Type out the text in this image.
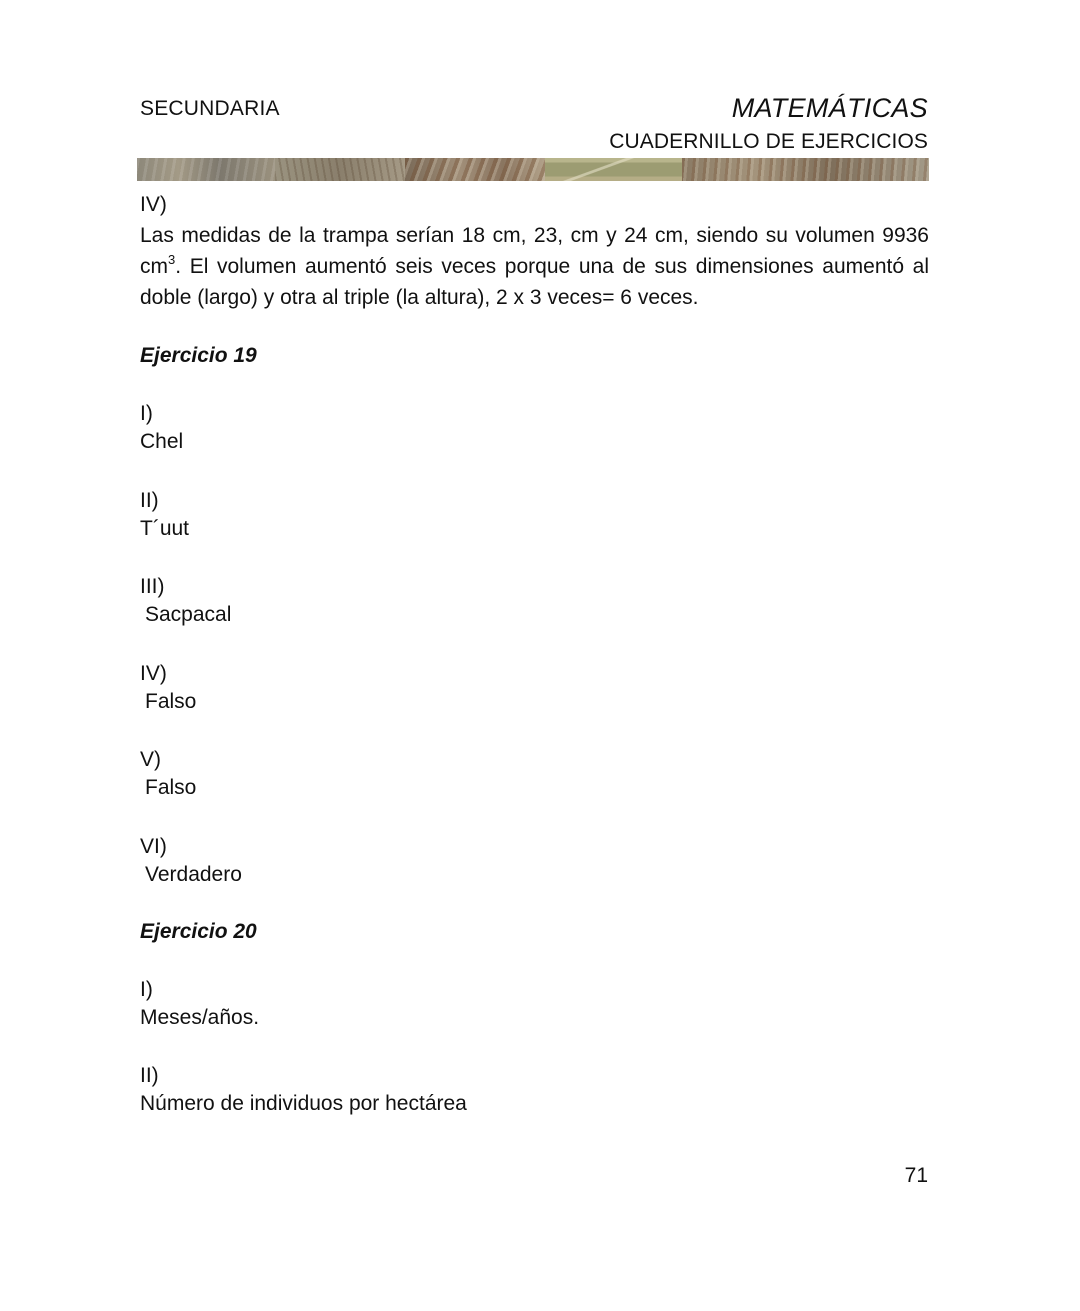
SECUNDARIA	MATEMÁTICAS
CUADERNILLO DE EJERCICIOS
IV)

Las medidas de la trampa serían 18 cm, 23, cm y 24 cm, siendo su volumen 9936 $cm^3$. El volumen aumentó seis veces porque una de sus dimensiones aumentó al doble (largo) y otra al triple (la altura), 2 x 3 veces= 6 veces.

Ejercicio 19
I)
Chel
II)
T´uut
III)
Sacpacal
IV)
Falso
V)
Falso
VI)
Verdadero
Ejercicio 20
I)
Meses/años.
II)
Número de individuos por hectárea
71
